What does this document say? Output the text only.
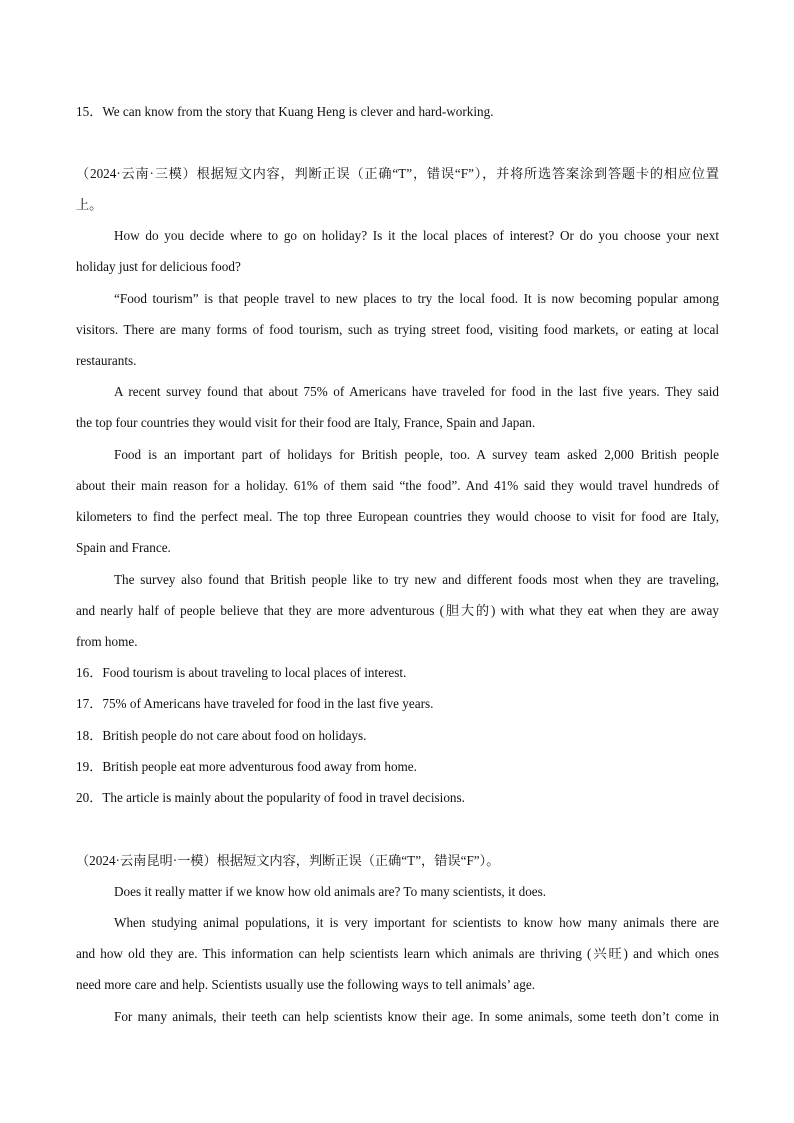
15．We can know from the story that Kuang Heng is clever and hard-working.
（2024·云南·三模）根据短文内容，判断正误（正确“T”，错误“F”），并将所选答案涂到答题卡的相应位置
上。
How do you decide where to go on holiday? Is it the local places of interest? Or do you choose your next
holiday just for delicious food?
“Food tourism” is that people travel to new places to try the local food. It is now becoming popular among
visitors. There are many forms of food tourism, such as trying street food, visiting food markets, or eating at local
restaurants.
A recent survey found that about 75% of Americans have traveled for food in the last five years. They said
the top four countries they would visit for their food are Italy, France, Spain and Japan.
Food is an important part of holidays for British people, too. A survey team asked 2,000 British people
about their main reason for a holiday. 61% of them said “the food”. And 41% said they would travel hundreds of
kilometers to find the perfect meal. The top three European countries they would choose to visit for food are Italy,
Spain and France.
The survey also found that British people like to try new and different foods most when they are traveling,
and nearly half of people believe that they are more adventurous (胆大的) with what they eat when they are away
from home.
16．Food tourism is about traveling to local places of interest.
17．75% of Americans have traveled for food in the last five years.
18．British people do not care about food on holidays.
19．British people eat more adventurous food away from home.
20．The article is mainly about the popularity of food in travel decisions.
（2024·云南昆明·一模）根据短文内容，判断正误（正确“T”，错误“F”）。
Does it really matter if we know how old animals are? To many scientists, it does.
When studying animal populations, it is very important for scientists to know how many animals there are
and how old they are. This information can help scientists learn which animals are thriving (兴旺) and which ones
need more care and help. Scientists usually use the following ways to tell animals’ age.
For many animals, their teeth can help scientists know their age. In some animals, some teeth don’t come in
